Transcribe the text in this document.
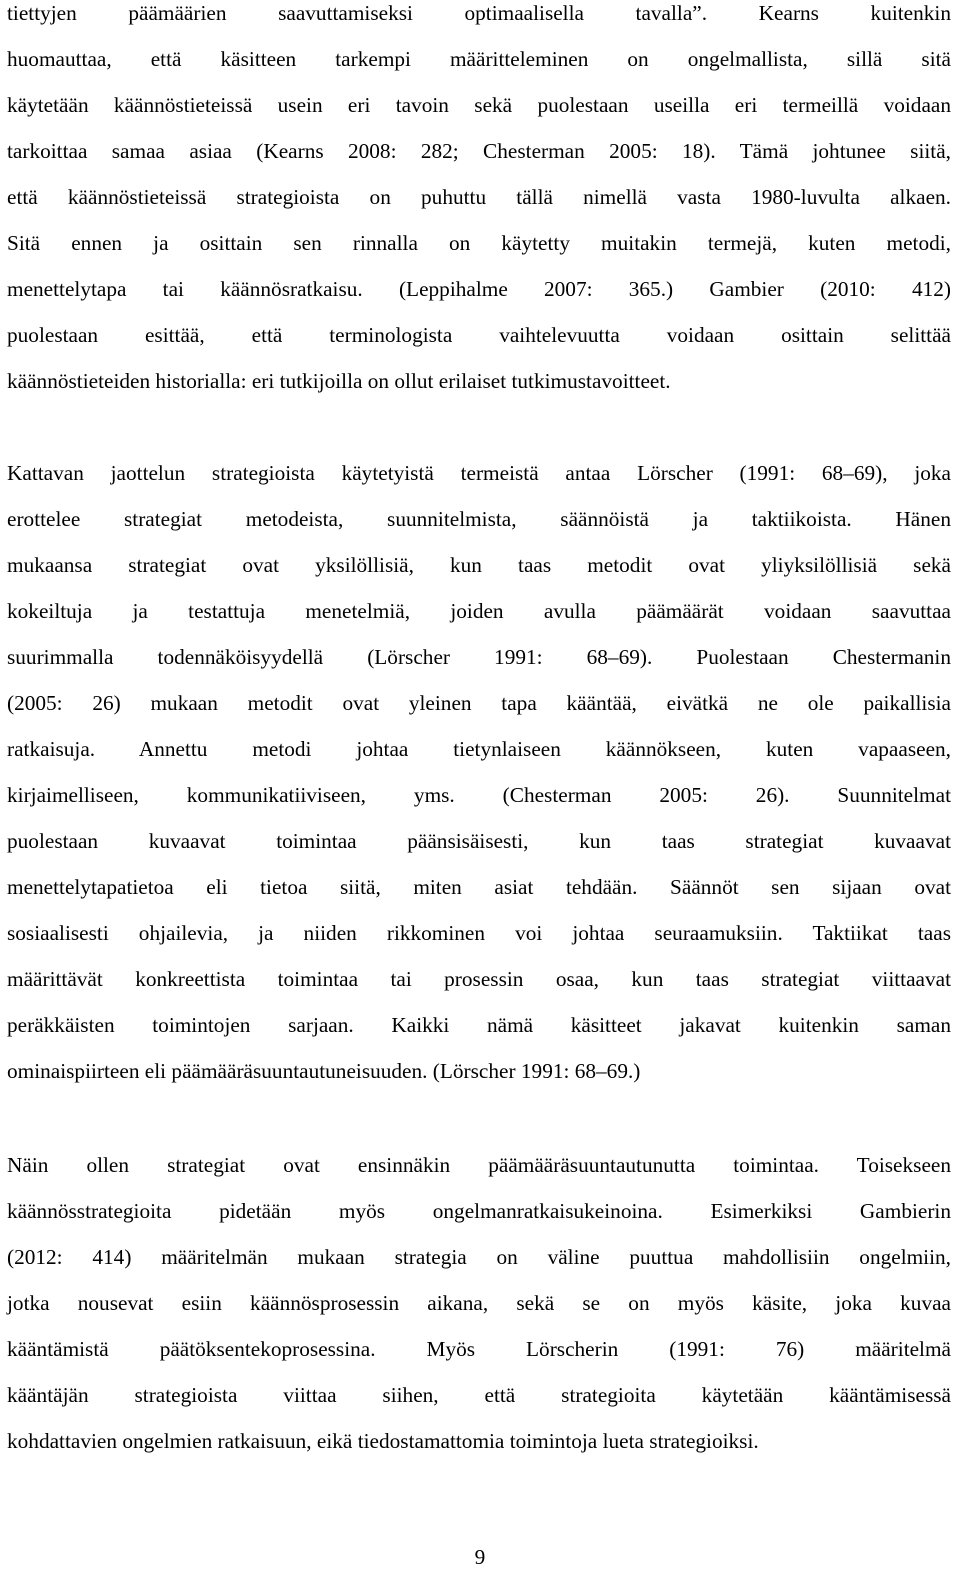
tiettyjen päämäärien saavuttamiseksi optimaalisella tavalla”. Kearns kuitenkin
huomauttaa, että käsitteen tarkempi määritteleminen on ongelmallista, sillä sitä
käytetään käännöstieteissä usein eri tavoin sekä puolestaan useilla eri termeillä voidaan
tarkoittaa samaa asiaa (Kearns 2008: 282; Chesterman 2005: 18). Tämä johtunee siitä,
että käännöstieteissä strategioista on puhuttu tällä nimellä vasta 1980-luvulta alkaen.
Sitä ennen ja osittain sen rinnalla on käytetty muitakin termejä, kuten metodi,
menettelytapa tai käännösratkaisu. (Leppihalme 2007: 365.) Gambier (2010: 412)
puolestaan esittää, että terminologista vaihtelevuutta voidaan osittain selittää
käännöstieteiden historialla: eri tutkijoilla on ollut erilaiset tutkimustavoitteet.
Kattavan jaottelun strategioista käytetyistä termeistä antaa Lörscher (1991: 68–69), joka
erottelee strategiat metodeista, suunnitelmista, säännöistä ja taktiikoista. Hänen
mukaansa strategiat ovat yksilöllisiä, kun taas metodit ovat yliyksilöllisiä sekä
kokeiltuja ja testattuja menetelmiä, joiden avulla päämäärät voidaan saavuttaa
suurimmalla todennäköisyydellä (Lörscher 1991: 68–69). Puolestaan Chestermanin
(2005: 26) mukaan metodit ovat yleinen tapa kääntää, eivätkä ne ole paikallisia
ratkaisuja. Annettu metodi johtaa tietynlaiseen käännökseen, kuten vapaaseen,
kirjaimelliseen, kommunikatiiviseen, yms. (Chesterman 2005: 26). Suunnitelmat
puolestaan kuvaavat toimintaa päänsisäisesti, kun taas strategiat kuvaavat
menettelytapatietoa eli tietoa siitä, miten asiat tehdään. Säännöt sen sijaan ovat
sosiaalisesti ohjailevia, ja niiden rikkominen voi johtaa seuraamuksiin. Taktiikat taas
määrittävät konkreettista toimintaa tai prosessin osaa, kun taas strategiat viittaavat
peräkkäisten toimintojen sarjaan. Kaikki nämä käsitteet jakavat kuitenkin saman
ominaispiirteen eli päämääräsuuntautuneisuuden. (Lörscher 1991: 68–69.)
Näin ollen strategiat ovat ensinnäkin päämääräsuuntautunutta toimintaa. Toisekseen
käännösstrategioita pidetään myös ongelmanratkaisukeinoina. Esimerkiksi Gambierin
(2012: 414) määritelmän mukaan strategia on väline puuttua mahdollisiin ongelmiin,
jotka nousevat esiin käännösprosessin aikana, sekä se on myös käsite, joka kuvaa
kääntämistä päätöksentekoprosessina. Myös Lörscherin (1991: 76) määritelmä
kääntäjän strategioista viittaa siihen, että strategioita käytetään kääntämisessä
kohdattavien ongelmien ratkaisuun, eikä tiedostamattomia toimintoja lueta strategioiksi.
9
